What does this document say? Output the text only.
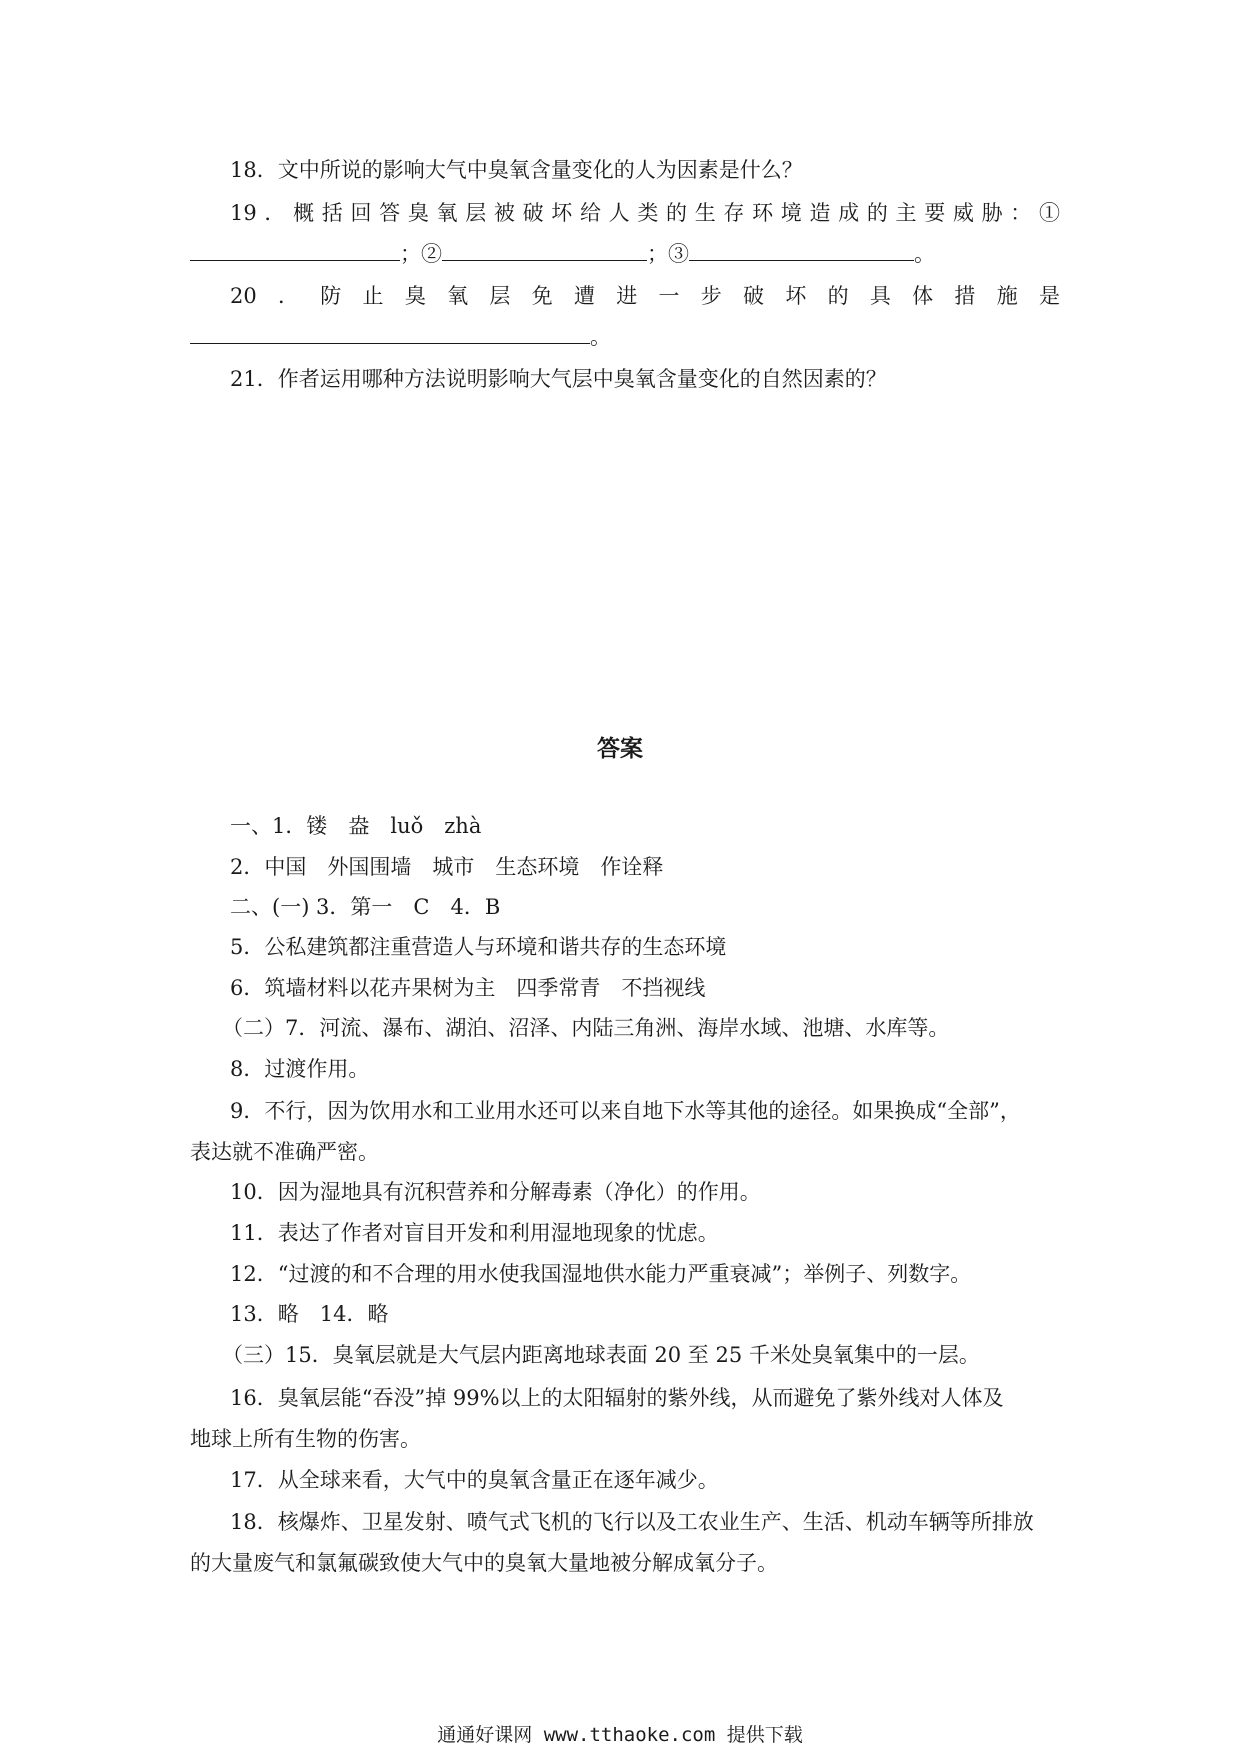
18．文中所说的影响大气中臭氧含量变化的人为因素是什么？
19．概括回答臭氧层被破坏给人类的生存环境造成的主要威胁：①
；②	；③	。
20．防止臭氧层免遭进一步破坏的具体措施是
。
21．作者运用哪种方法说明影响大气层中臭氧含量变化的自然因素的？
答案
一、1．镂　盎　luǒ　zhà
2．中国　外国围墙　城市　生态环境　作诠释
二、(一) 3．第一　C　4．B
5．公私建筑都注重营造人与环境和谐共存的生态环境
6．筑墙材料以花卉果树为主　四季常青　不挡视线
（二）7．河流、瀑布、湖泊、沼泽、内陆三角洲、海岸水域、池塘、水库等。
8．过渡作用。
9．不行，因为饮用水和工业用水还可以来自地下水等其他的途径。如果换成“全部”，
表达就不准确严密。
10．因为湿地具有沉积营养和分解毒素（净化）的作用。
11．表达了作者对盲目开发和利用湿地现象的忧虑。
12．“过渡的和不合理的用水使我国湿地供水能力严重衰减”；举例子、列数字。
13．略　14．略
（三）15．臭氧层就是大气层内距离地球表面 20 至 25 千米处臭氧集中的一层。
16．臭氧层能“吞没”掉 99%以上的太阳辐射的紫外线，从而避免了紫外线对人体及
地球上所有生物的伤害。
17．从全球来看，大气中的臭氧含量正在逐年减少。
18．核爆炸、卫星发射、喷气式飞机的飞行以及工农业生产、生活、机动车辆等所排放
的大量废气和氯氟碳致使大气中的臭氧大量地被分解成氧分子。
通通好课网 www.tthaoke.com 提供下载
